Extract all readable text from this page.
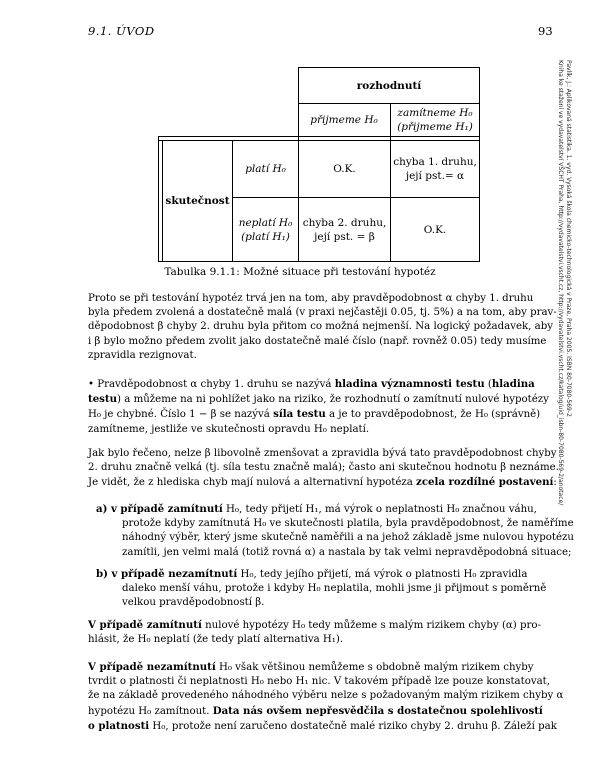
9.1. ÚVOD	93
Pavlík, J.: Aplikovaná statistika. 1. vyd. Vysoká škola chemicko-technologická v Praze, Praha 2005. ISBN 80-7080-569-2
Kniha ke stažení ve vydavatelství VŠCHT Praha, http://vydavatelstvi.vscht.cz, http://vydavatelstvi.vscht.cz/katalog/uid_isbn-80-7080-569-2/anotace/
rozhodnutí
přijmeme H₀
zamítneme H₀
(přijmeme H₁)
skutečnost
platí H₀	O.K.
chyba 1. druhu,
její pst.= α
neplatí H₀
(platí H₁)
chyba 2. druhu,
její pst. = β
O.K.
Tabulka 9.1.1: Možné situace při testování hypotéz
Proto se při testování hypotéz trvá jen na tom, aby pravděpodobnost α chyby 1. druhu
byla předem zvolená a dostatečně malá (v praxi nejčastěji 0.05, tj. 5%) a na tom, aby prav-
děpodobnost β chyby 2. druhu byla přitom co možná nejmenší. Na logický požadavek, aby
i β bylo možno předem zvolit jako dostatečně malé číslo (např. rovněž 0.05) tedy musíme
zpravidla rezignovat.
• Pravděpodobnost α chyby 1. druhu se nazývá hladina významnosti testu (hladina
testu) a můžeme na ni pohlížet jako na riziko, že rozhodnutí o zamítnutí nulové hypotézy
H₀ je chybné. Číslo 1 − β se nazývá síla testu a je to pravděpodobnost, že H₀ (správně)
zamítneme, jestliže ve skutečnosti opravdu H₀ neplatí.
Jak bylo řečeno, nelze β libovolně zmenšovat a zpravidla bývá tato pravděpodobnost chyby
2. druhu značně velká (tj. síla testu značně malá); často ani skutečnou hodnotu β neznáme.
Je vidět, že z hlediska chyb mají nulová a alternativní hypotéza zcela rozdílné postavení:
a) v případě zamítnutí H₀, tedy přijetí H₁, má výrok o neplatnosti H₀ značnou váhu,
protože kdyby zamítnutá H₀ ve skutečnosti platila, byla pravděpodobnost, že naměříme
náhodný výběr, který jsme skutečně naměřili a na jehož základě jsme nulovou hypotézu
zamítli, jen velmi malá (totiž rovná α) a nastala by tak velmi nepravděpodobná situace;
b) v případě nezamítnutí H₀, tedy jejího přijetí, má výrok o platnosti H₀ zpravidla
daleko menší váhu, protože i kdyby H₀ neplatila, mohli jsme ji přijmout s poměrně
velkou pravděpodobností β.
V případě zamítnutí nulové hypotézy H₀ tedy můžeme s malým rizikem chyby (α) pro-
hlásit, že H₀ neplatí (že tedy platí alternativa H₁).
V případě nezamítnutí H₀ však většinou nemůžeme s obdobně malým rizikem chyby
tvrdit o platnosti či neplatnosti H₀ nebo H₁ nic. V takovém případě lze pouze konstatovat,
že na základě provedeného náhodného výběru nelze s požadovaným malým rizikem chyby α
hypotézu H₀ zamítnout. Data nás ovšem nepřesvědčila s dostatečnou spolehlivostí
o platnosti H₀, protože není zaručeno dostatečně malé riziko chyby 2. druhu β. Záleží pak
